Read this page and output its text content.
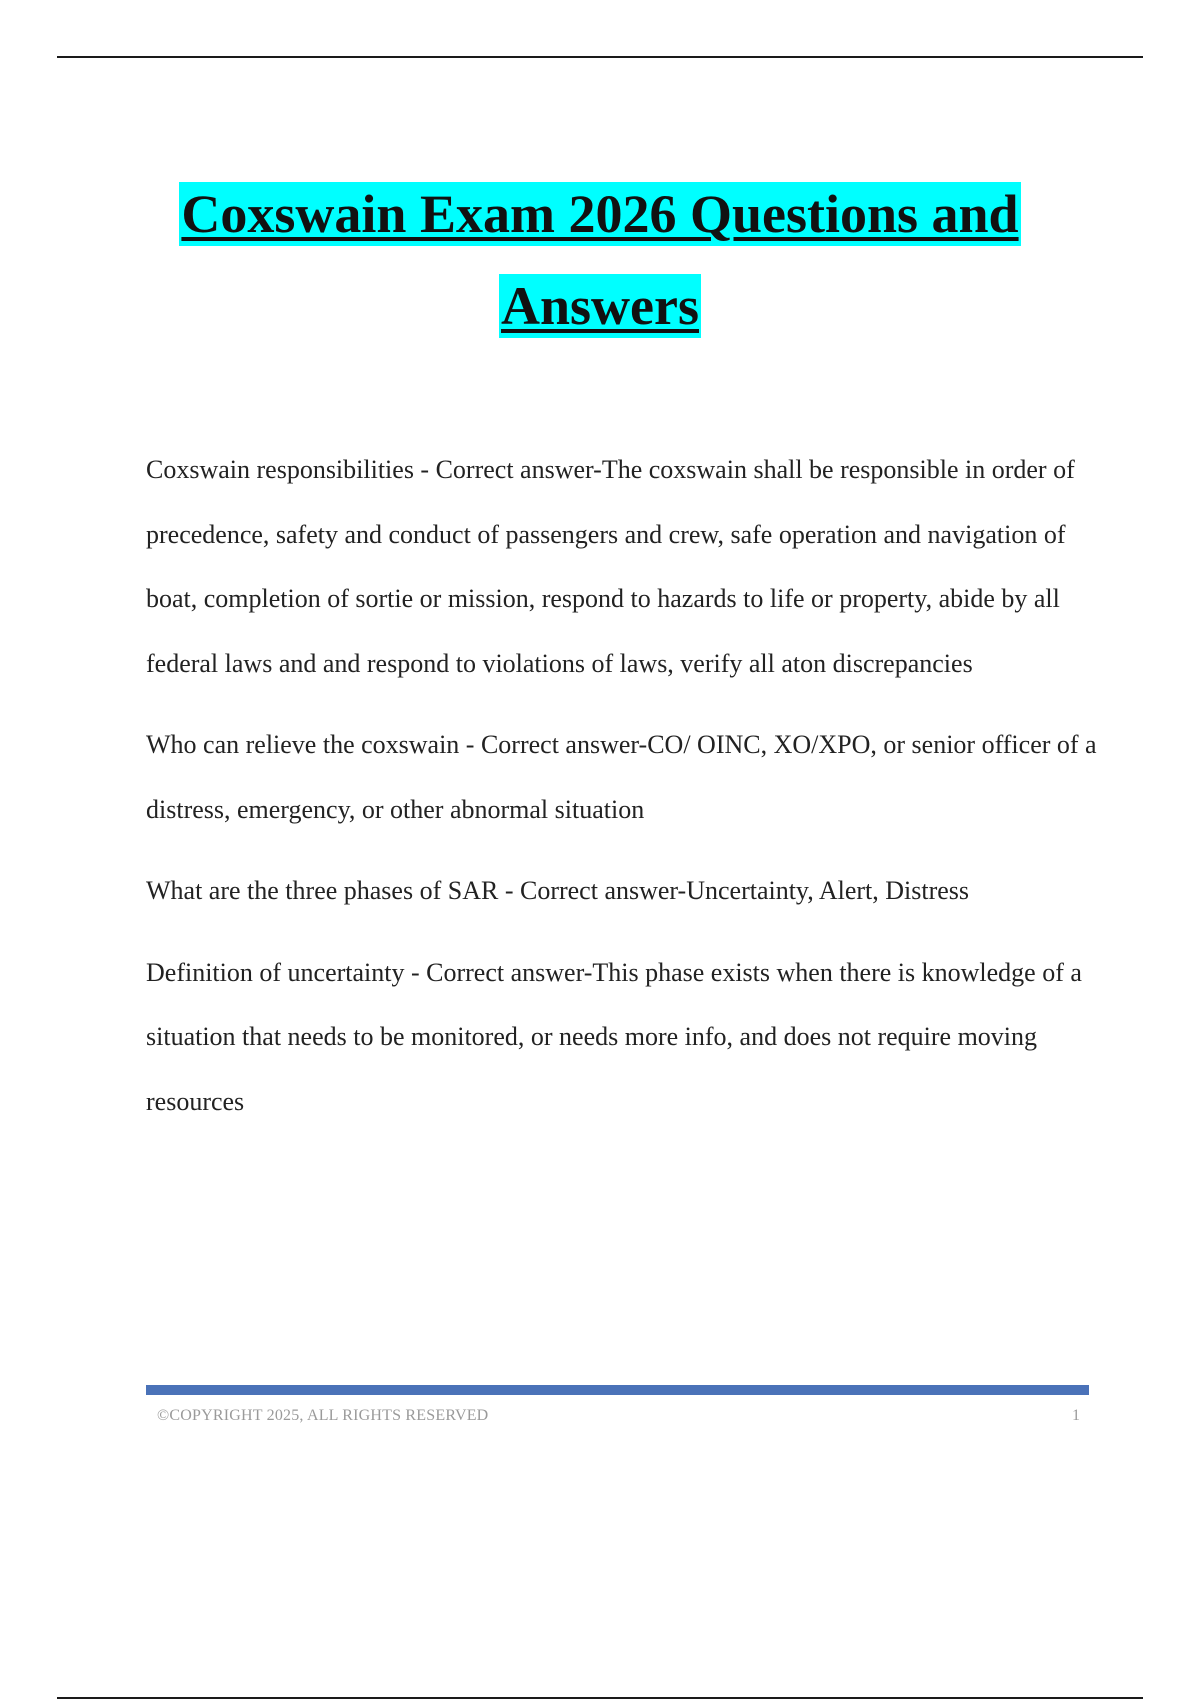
Coxswain Exam 2026 Questions and
Answers

Coxswain responsibilities - Correct answer-The coxswain shall be responsible in order of precedence, safety and conduct of passengers and crew, safe operation and navigation of boat, completion of sortie or mission, respond to hazards to life or property, abide by all federal laws and and respond to violations of laws, verify all aton discrepancies

Who can relieve the coxswain - Correct answer-CO/ OINC, XO/XPO, or senior officer of a distress, emergency, or other abnormal situation

What are the three phases of SAR - Correct answer-Uncertainty, Alert, Distress

Definition of uncertainty - Correct answer-This phase exists when there is knowledge of a situation that needs to be monitored, or needs more info, and does not require moving resources

©COPYRIGHT 2025, ALL RIGHTS RESERVED	1
